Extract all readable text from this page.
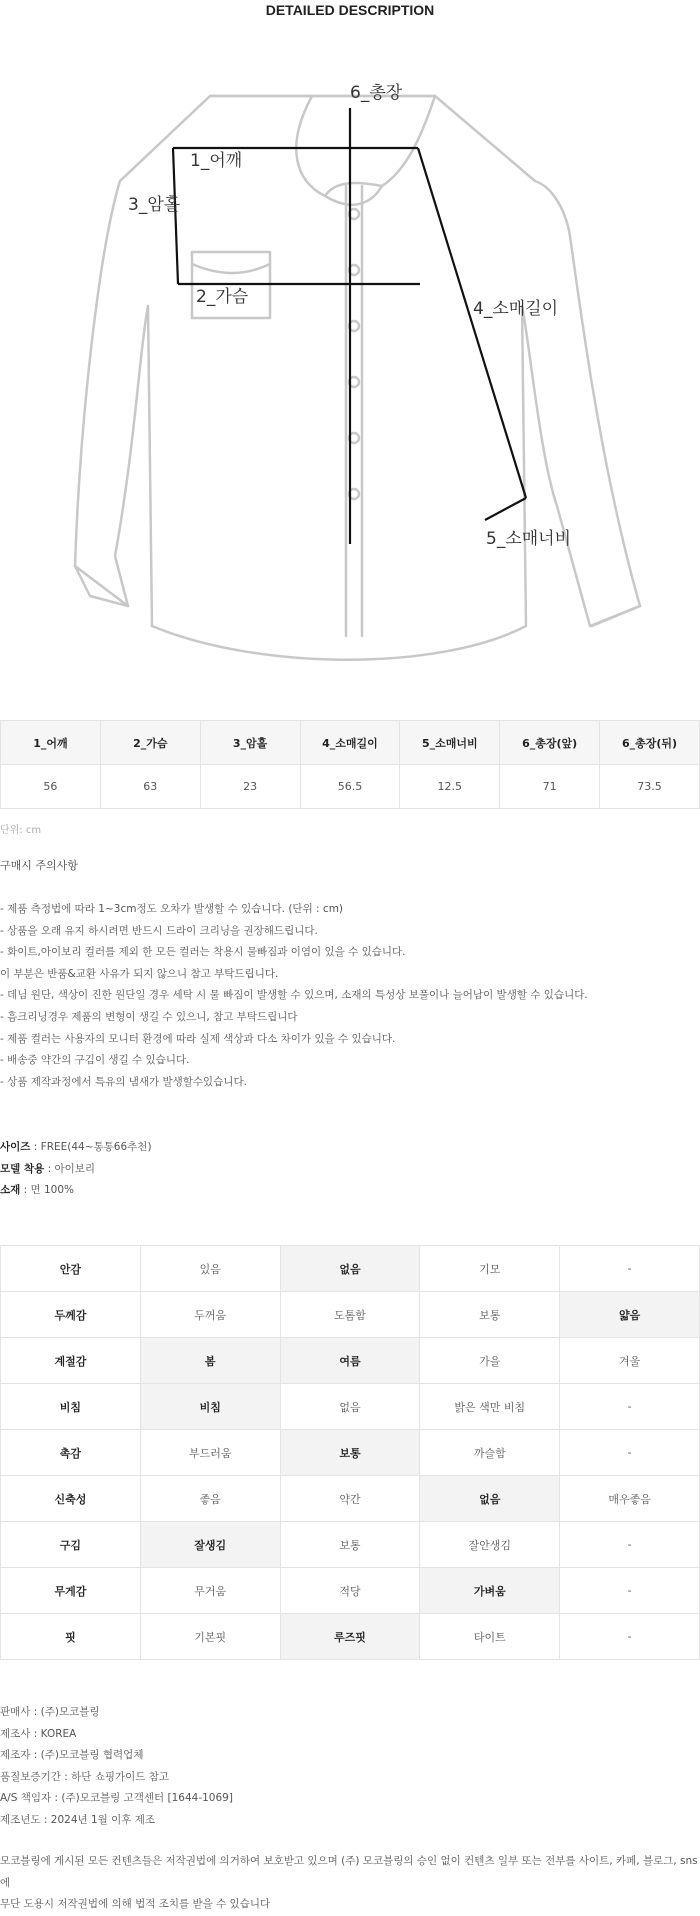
DETAILED DESCRIPTION
1_어깨
2_가슴
3_암홀
4_소매길이
5_소매너비
6_총장
1_어깨	2_가슴	3_암홀	4_소매길이	5_소매너비	6_총장(앞)	6_총장(뒤)
56	63	23	56.5	12.5	71	73.5
단위: cm
구매시 주의사항
- 제품 측정법에 따라 1~3cm정도 오차가 발생할 수 있습니다. (단위 : cm)
- 상품을 오래 유지 하시려면 반드시 드라이 크리닝을 권장해드립니다.
- 화이트,아이보리 컬러를 제외 한 모든 컬러는 착용시 물빠짐과 이염이 있을 수 있습니다.
이 부분은 반품&교환 사유가 되지 않으니 참고 부탁드립니다.
- 데님 원단, 색상이 진한 원단일 경우 세탁 시 물 빠짐이 발생할 수 있으며, 소재의 특성상 보풀이나 늘어남이 발생할 수 있습니다.
- 흠크리닝경우 제품의 변형이 생길 수 있으니, 참고 부탁드립니다
- 제품 컬러는 사용자의 모니터 환경에 따라 실제 색상과 다소 차이가 있을 수 있습니다.
- 배송중 약간의 구김이 생길 수 있습니다.
- 상품 제작과정에서 특유의 냄새가 발생할수있습니다.
사이즈 : FREE(44~통통66추천)
모델 착용 : 아이보리
소재 : 면 100%
안감	있음	없음	기모	-
두께감	두꺼움	도톰함	보통	얇음
계절감	봄	여름	가을	겨울
비침	비침	없음	밝은 색만 비침	-
촉감	부드러움	보통	까슬함	-
신축성	좋음	약간	없음	매우좋음
구김	잘생김	보통	잘안생김	-
무게감	무거움	적당	가벼움	-
핏	기본핏	루즈핏	타이트	-
판매사 : (주)모코블링
제조사 : KOREA
제조자 : (주)모코블링 협력업체
품질보증기간 : 하단 쇼핑가이드 참고
A/S 책임자 : (주)모코블링 고객센터 [1644-1069]
제조년도 : 2024년 1월 이후 제조
모코블링에 게시된 모든 컨텐츠들은 저작권법에 의거하여 보호받고 있으며 (주) 모코블링의 승인 없이 컨텐츠 일부 또는 전부를 사이트, 카페, 블로그, sns에
무단 도용시 저작권법에 의해 법적 조치를 받을 수 있습니다
